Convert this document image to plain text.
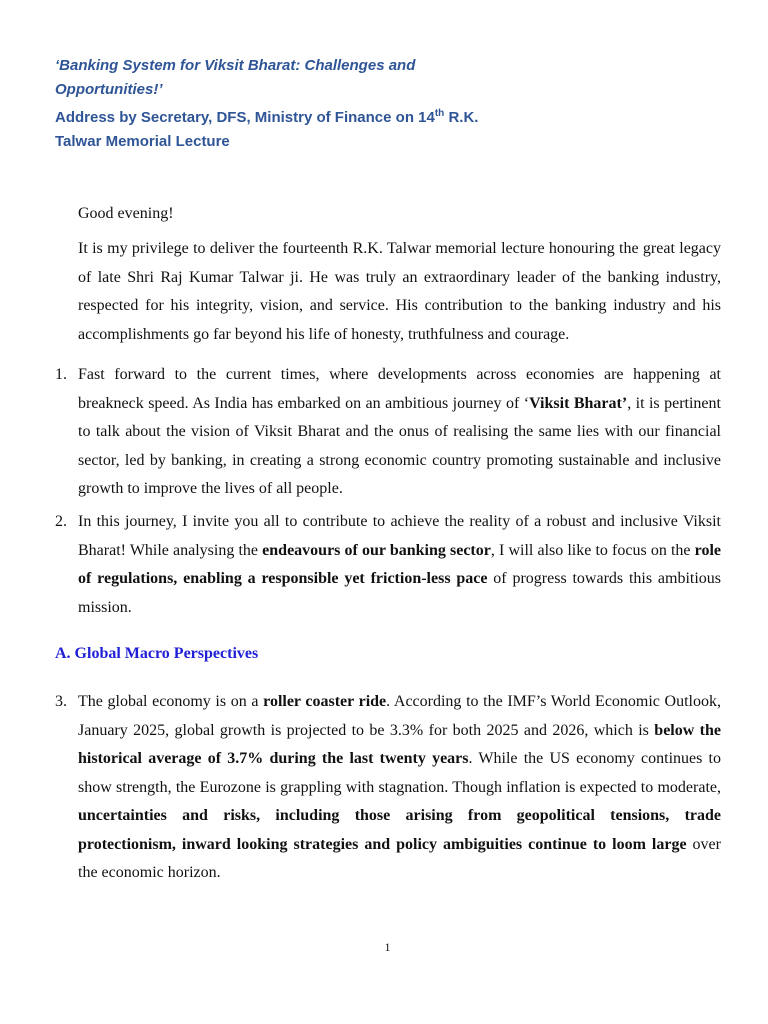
‘Banking System for Viksit Bharat: Challenges and
Opportunities!’
Address by Secretary, DFS, Ministry of Finance on 14th R.K.
Talwar Memorial Lecture
Good evening!
It is my privilege to deliver the fourteenth R.K. Talwar memorial lecture honouring the great legacy of late Shri Raj Kumar Talwar ji. He was truly an extraordinary leader of the banking industry, respected for his integrity, vision, and service. His contribution to the banking industry and his accomplishments go far beyond his life of honesty, truthfulness and courage.
1. Fast forward to the current times, where developments across economies are happening at breakneck speed. As India has embarked on an ambitious journey of ‘Viksit Bharat’, it is pertinent to talk about the vision of Viksit Bharat and the onus of realising the same lies with our financial sector, led by banking, in creating a strong economic country promoting sustainable and inclusive growth to improve the lives of all people.
2. In this journey, I invite you all to contribute to achieve the reality of a robust and inclusive Viksit Bharat! While analysing the endeavours of our banking sector, I will also like to focus on the role of regulations, enabling a responsible yet friction-less pace of progress towards this ambitious mission.
A. Global Macro Perspectives
3. The global economy is on a roller coaster ride. According to the IMF’s World Economic Outlook, January 2025, global growth is projected to be 3.3% for both 2025 and 2026, which is below the historical average of 3.7% during the last twenty years. While the US economy continues to show strength, the Eurozone is grappling with stagnation. Though inflation is expected to moderate, uncertainties and risks, including those arising from geopolitical tensions, trade protectionism, inward looking strategies and policy ambiguities continue to loom large over the economic horizon.
1
